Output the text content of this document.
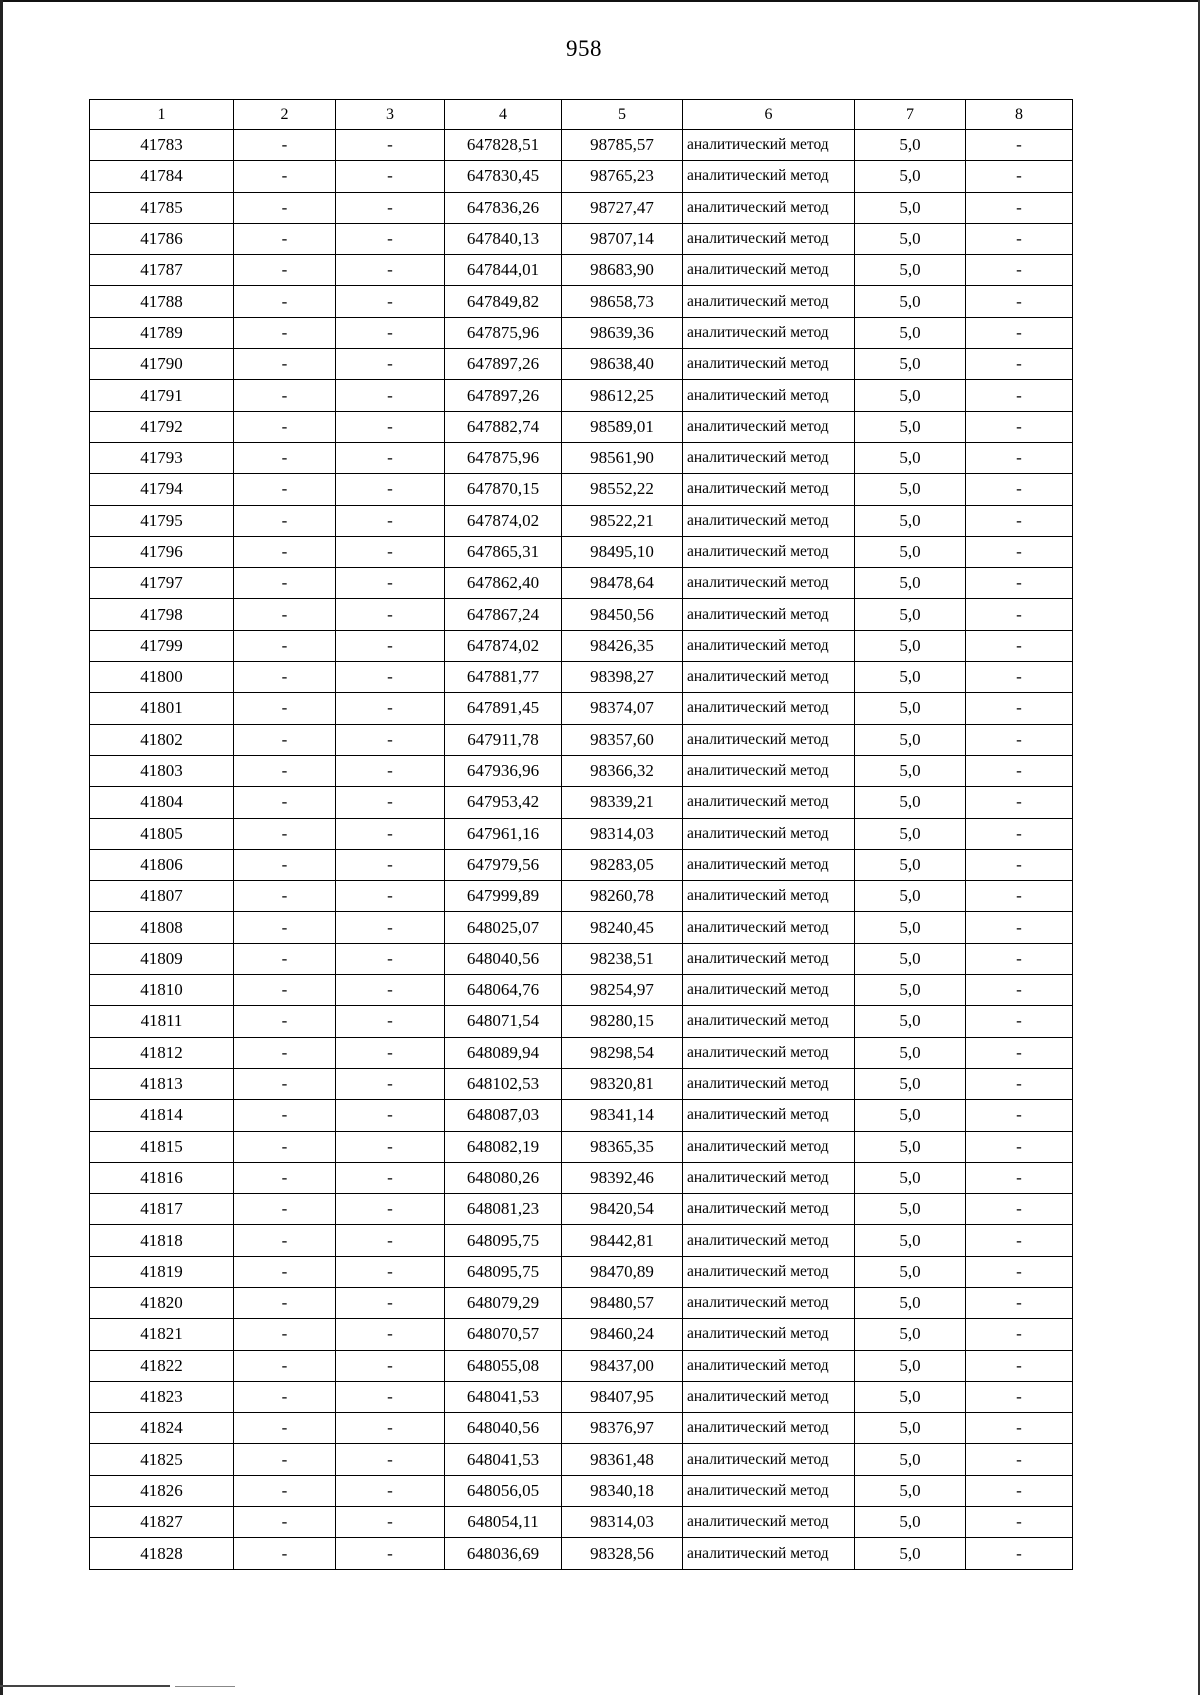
958
1	2	3	4	5	6	7	8
41783	-	-	647828,51	98785,57	аналитический метод	5,0	-
41784	-	-	647830,45	98765,23	аналитический метод	5,0	-
41785	-	-	647836,26	98727,47	аналитический метод	5,0	-
41786	-	-	647840,13	98707,14	аналитический метод	5,0	-
41787	-	-	647844,01	98683,90	аналитический метод	5,0	-
41788	-	-	647849,82	98658,73	аналитический метод	5,0	-
41789	-	-	647875,96	98639,36	аналитический метод	5,0	-
41790	-	-	647897,26	98638,40	аналитический метод	5,0	-
41791	-	-	647897,26	98612,25	аналитический метод	5,0	-
41792	-	-	647882,74	98589,01	аналитический метод	5,0	-
41793	-	-	647875,96	98561,90	аналитический метод	5,0	-
41794	-	-	647870,15	98552,22	аналитический метод	5,0	-
41795	-	-	647874,02	98522,21	аналитический метод	5,0	-
41796	-	-	647865,31	98495,10	аналитический метод	5,0	-
41797	-	-	647862,40	98478,64	аналитический метод	5,0	-
41798	-	-	647867,24	98450,56	аналитический метод	5,0	-
41799	-	-	647874,02	98426,35	аналитический метод	5,0	-
41800	-	-	647881,77	98398,27	аналитический метод	5,0	-
41801	-	-	647891,45	98374,07	аналитический метод	5,0	-
41802	-	-	647911,78	98357,60	аналитический метод	5,0	-
41803	-	-	647936,96	98366,32	аналитический метод	5,0	-
41804	-	-	647953,42	98339,21	аналитический метод	5,0	-
41805	-	-	647961,16	98314,03	аналитический метод	5,0	-
41806	-	-	647979,56	98283,05	аналитический метод	5,0	-
41807	-	-	647999,89	98260,78	аналитический метод	5,0	-
41808	-	-	648025,07	98240,45	аналитический метод	5,0	-
41809	-	-	648040,56	98238,51	аналитический метод	5,0	-
41810	-	-	648064,76	98254,97	аналитический метод	5,0	-
41811	-	-	648071,54	98280,15	аналитический метод	5,0	-
41812	-	-	648089,94	98298,54	аналитический метод	5,0	-
41813	-	-	648102,53	98320,81	аналитический метод	5,0	-
41814	-	-	648087,03	98341,14	аналитический метод	5,0	-
41815	-	-	648082,19	98365,35	аналитический метод	5,0	-
41816	-	-	648080,26	98392,46	аналитический метод	5,0	-
41817	-	-	648081,23	98420,54	аналитический метод	5,0	-
41818	-	-	648095,75	98442,81	аналитический метод	5,0	-
41819	-	-	648095,75	98470,89	аналитический метод	5,0	-
41820	-	-	648079,29	98480,57	аналитический метод	5,0	-
41821	-	-	648070,57	98460,24	аналитический метод	5,0	-
41822	-	-	648055,08	98437,00	аналитический метод	5,0	-
41823	-	-	648041,53	98407,95	аналитический метод	5,0	-
41824	-	-	648040,56	98376,97	аналитический метод	5,0	-
41825	-	-	648041,53	98361,48	аналитический метод	5,0	-
41826	-	-	648056,05	98340,18	аналитический метод	5,0	-
41827	-	-	648054,11	98314,03	аналитический метод	5,0	-
41828	-	-	648036,69	98328,56	аналитический метод	5,0	-
